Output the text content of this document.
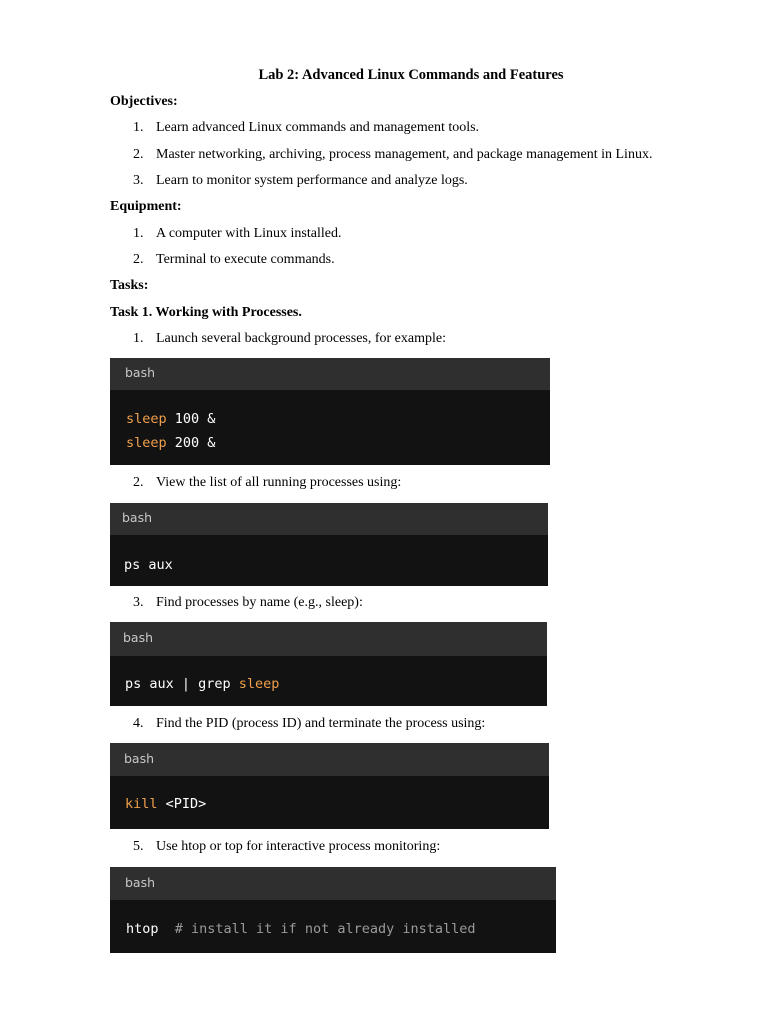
Lab 2: Advanced Linux Commands and Features
Objectives:
1. Learn advanced Linux commands and management tools.
2. Master networking, archiving, process management, and package management in Linux.
3. Learn to monitor system performance and analyze logs.
Equipment:
1. A computer with Linux installed.
2. Terminal to execute commands.
Tasks:
Task 1. Working with Processes.
1. Launch several background processes, for example:
bash
sleep 100 &
sleep 200 &
2. View the list of all running processes using:
bash
ps aux
3. Find processes by name (e.g., sleep):
bash
ps aux | grep sleep
4. Find the PID (process ID) and terminate the process using:
bash
kill <PID>
5. Use htop or top for interactive process monitoring:
bash
htop  # install it if not already installed
